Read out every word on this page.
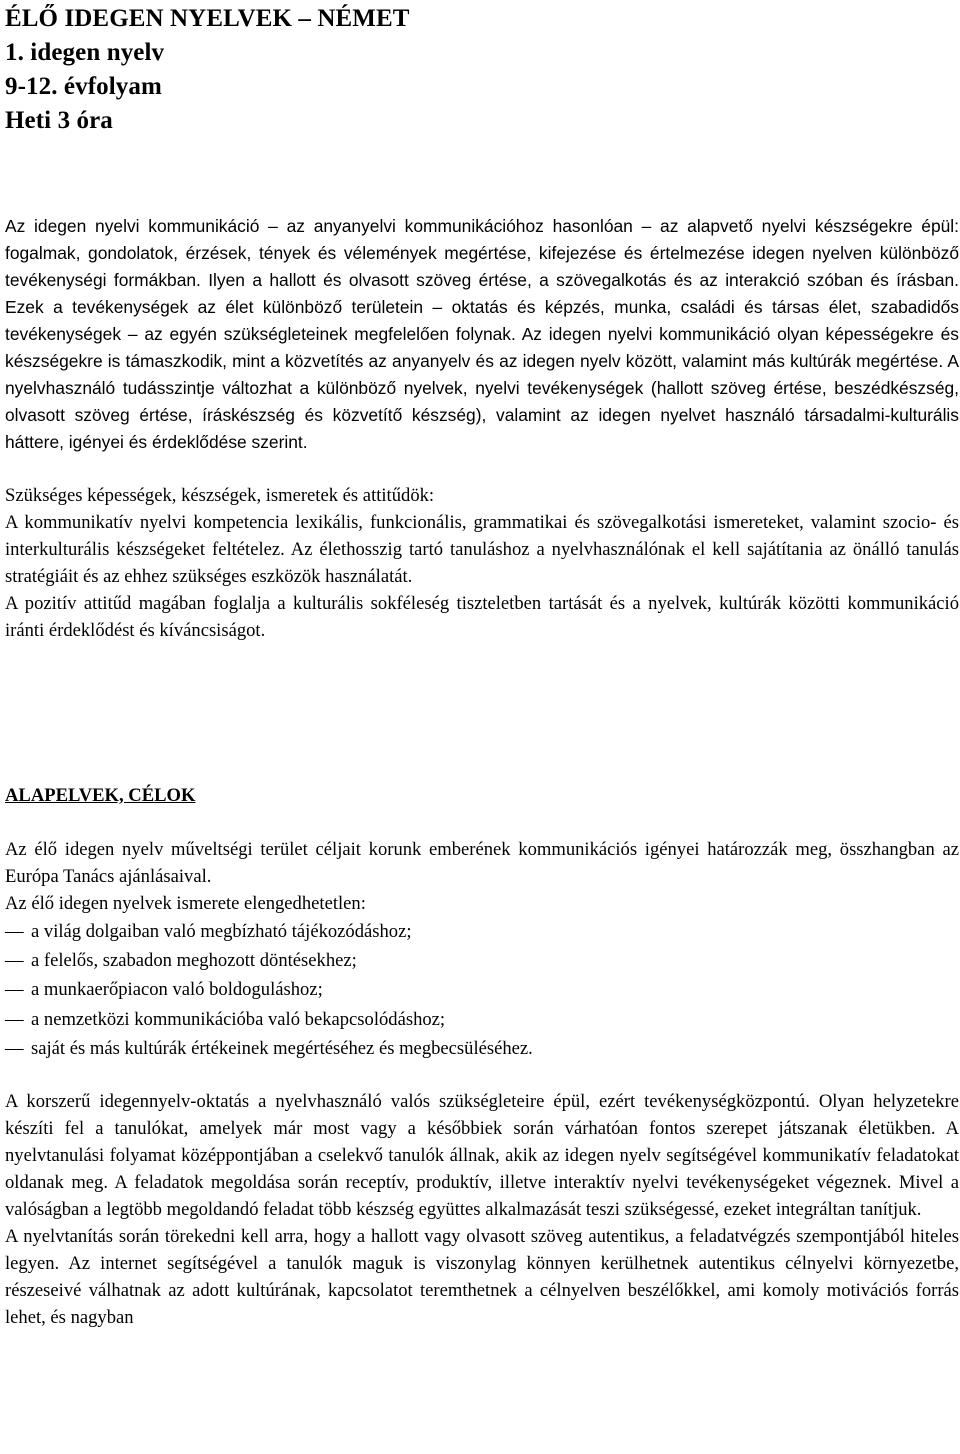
ÉLŐ IDEGEN NYELVEK – NÉMET
1. idegen nyelv
9-12. évfolyam
Heti 3 óra

Az idegen nyelvi kommunikáció – az anyanyelvi kommunikációhoz hasonlóan – az alapvető nyelvi készségekre épül: fogalmak, gondolatok, érzések, tények és vélemények megértése, kifejezése és értelmezése idegen nyelven különböző tevékenységi formákban. Ilyen a hallott és olvasott szöveg értése, a szövegalkotás és az interakció szóban és írásban. Ezek a tevékenységek az élet különböző területein – oktatás és képzés, munka, családi és társas élet, szabadidős tevékenységek – az egyén szükségleteinek megfelelően folynak. Az idegen nyelvi kommunikáció olyan képességekre és készségekre is támaszkodik, mint a közvetítés az anyanyelv és az idegen nyelv között, valamint más kultúrák megértése. A nyelvhasználó tudásszintje változhat a különböző nyelvek, nyelvi tevékenységek (hallott szöveg értése, beszédkészség, olvasott szöveg értése, íráskészség és közvetítő készség), valamint az idegen nyelvet használó társadalmi-kulturális háttere, igényei és érdeklődése szerint.

Szükséges képességek, készségek, ismeretek és attitűdök:

A kommunikatív nyelvi kompetencia lexikális, funkcionális, grammatikai és szövegalkotási ismereteket, valamint szocio- és interkulturális készségeket feltételez. Az élethosszig tartó tanuláshoz a nyelvhasználónak el kell sajátítania az önálló tanulás stratégiáit és az ehhez szükséges eszközök használatát.

A pozitív attitűd magában foglalja a kulturális sokféleség tiszteletben tartását és a nyelvek, kultúrák közötti kommunikáció iránti érdeklődést és kíváncsiságot.

ALAPELVEK, CÉLOK

Az élő idegen nyelv műveltségi terület céljait korunk emberének kommunikációs igényei határozzák meg, összhangban az Európa Tanács ajánlásaival.

Az élő idegen nyelvek ismerete elengedhetetlen:

— a világ dolgaiban való megbízható tájékozódáshoz;
— a felelős, szabadon meghozott döntésekhez;
— a munkaerőpiacon való boldoguláshoz;
— a nemzetközi kommunikációba való bekapcsolódáshoz;
— saját és más kultúrák értékeinek megértéséhez és megbecsüléséhez.

A korszerű idegennyelv-oktatás a nyelvhasználó valós szükségleteire épül, ezért tevékenységközpontú. Olyan helyzetekre készíti fel a tanulókat, amelyek már most vagy a későbbiek során várhatóan fontos szerepet játszanak életükben. A nyelvtanulási folyamat középpontjában a cselekvő tanulók állnak, akik az idegen nyelv segítségével kommunikatív feladatokat oldanak meg. A feladatok megoldása során receptív, produktív, illetve interaktív nyelvi tevékenységeket végeznek. Mivel a valóságban a legtöbb megoldandó feladat több készség együttes alkalmazását teszi szükségessé, ezeket integráltan tanítjuk.

A nyelvtanítás során törekedni kell arra, hogy a hallott vagy olvasott szöveg autentikus, a feladatvégzés szempontjából hiteles legyen. Az internet segítségével a tanulók maguk is viszonylag könnyen kerülhetnek autentikus célnyelvi környezetbe, részeseivé válhatnak az adott kultúrának, kapcsolatot teremthetnek a célnyelven beszélőkkel, ami komoly motivációs forrás lehet, és nagyban
